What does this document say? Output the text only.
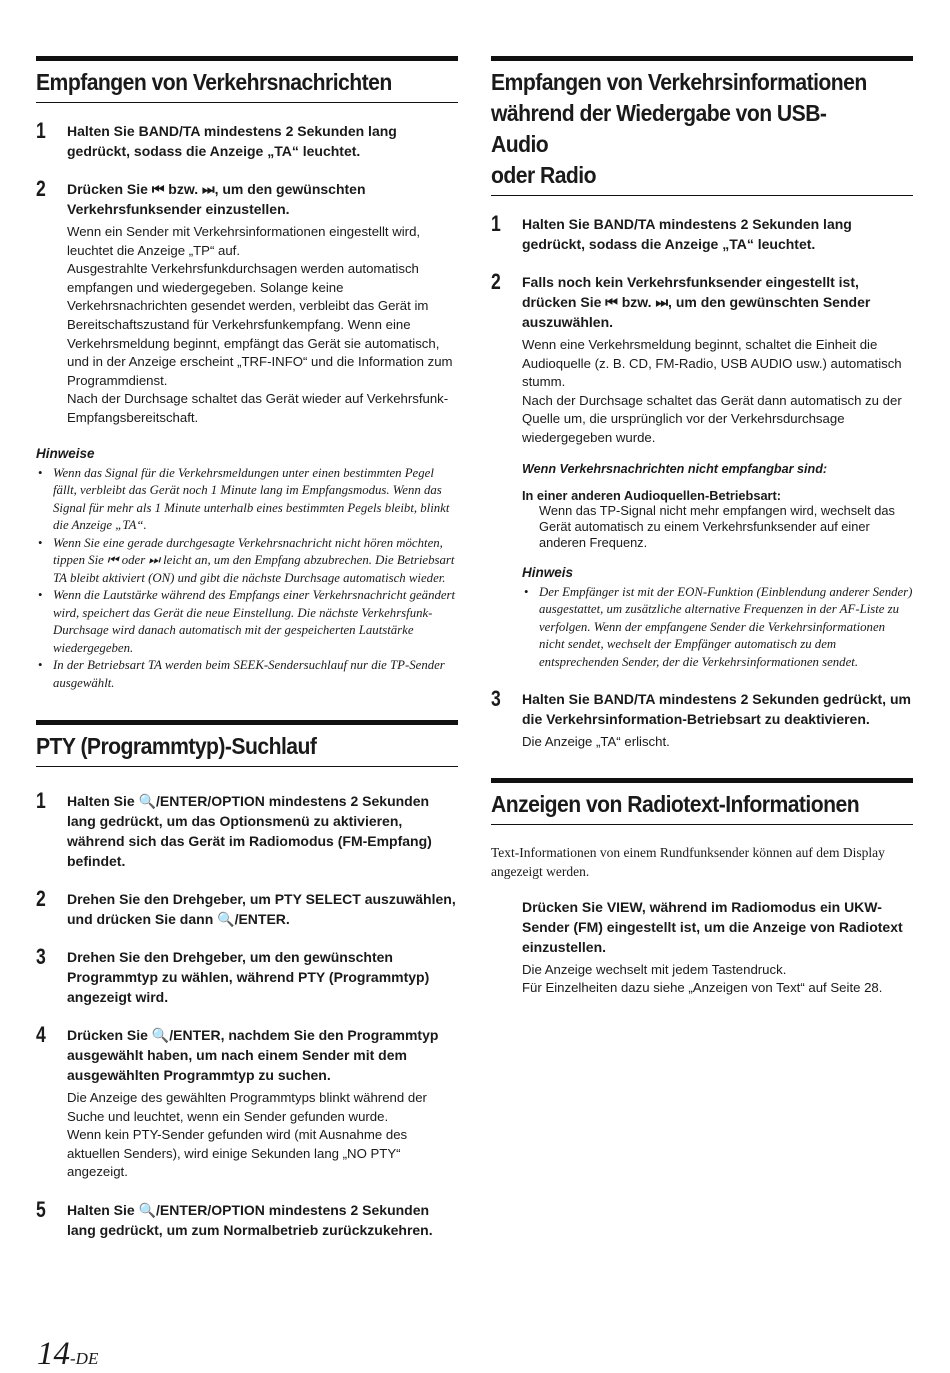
Empfangen von Verkehrsnachrichten
1	Halten Sie BAND/TA mindestens 2 Sekunden lang gedrückt, sodass die Anzeige „TA“ leuchtet.
2	Drücken Sie ⏮ bzw. ⏭, um den gewünschten Verkehrsfunksender einzustellen.
Wenn ein Sender mit Verkehrsinformationen eingestellt wird, leuchtet die Anzeige „TP“ auf.
Ausgestrahlte Verkehrsfunkdurchsagen werden automatisch empfangen und wiedergegeben. Solange keine Verkehrsnachrichten gesendet werden, verbleibt das Gerät im Bereitschaftszustand für Verkehrsfunkempfang. Wenn eine Verkehrsmeldung beginnt, empfängt das Gerät sie automatisch, und in der Anzeige erscheint „TRF-INFO“ und die Information zum Programmdienst.
Nach der Durchsage schaltet das Gerät wieder auf Verkehrsfunk-Empfangsbereitschaft.
Hinweise
• Wenn das Signal für die Verkehrsmeldungen unter einen bestimmten Pegel fällt, verbleibt das Gerät noch 1 Minute lang im Empfangsmodus. Wenn das Signal für mehr als 1 Minute unterhalb eines bestimmten Pegels bleibt, blinkt die Anzeige „TA“.
• Wenn Sie eine gerade durchgesagte Verkehrsnachricht nicht hören möchten, tippen Sie ⏮ oder ⏭ leicht an, um den Empfang abzubrechen. Die Betriebsart TA bleibt aktiviert (ON) und gibt die nächste Durchsage automatisch wieder.
• Wenn die Lautstärke während des Empfangs einer Verkehrsnachricht geändert wird, speichert das Gerät die neue Einstellung. Die nächste Verkehrsfunk-Durchsage wird danach automatisch mit der gespeicherten Lautstärke wiedergegeben.
• In der Betriebsart TA werden beim SEEK-Sendersuchlauf nur die TP-Sender ausgewählt.
PTY (Programmtyp)-Suchlauf
1	Halten Sie 🔍/ENTER/OPTION mindestens 2 Sekunden lang gedrückt, um das Optionsmenü zu aktivieren, während sich das Gerät im Radiomodus (FM-Empfang) befindet.
2	Drehen Sie den Drehgeber, um PTY SELECT auszuwählen, und drücken Sie dann 🔍/ENTER.
3	Drehen Sie den Drehgeber, um den gewünschten Programmtyp zu wählen, während PTY (Programmtyp) angezeigt wird.
4	Drücken Sie 🔍/ENTER, nachdem Sie den Programmtyp ausgewählt haben, um nach einem Sender mit dem ausgewählten Programmtyp zu suchen.
Die Anzeige des gewählten Programmtyps blinkt während der Suche und leuchtet, wenn ein Sender gefunden wurde.
Wenn kein PTY-Sender gefunden wird (mit Ausnahme des aktuellen Senders), wird einige Sekunden lang „NO PTY“ angezeigt.
5	Halten Sie 🔍/ENTER/OPTION mindestens 2 Sekunden lang gedrückt, um zum Normalbetrieb zurückzukehren.
Empfangen von Verkehrsinformationen
während der Wiedergabe von USB-Audio
oder Radio
1	Halten Sie BAND/TA mindestens 2 Sekunden lang gedrückt, sodass die Anzeige „TA“ leuchtet.
2	Falls noch kein Verkehrsfunksender eingestellt ist, drücken Sie ⏮ bzw. ⏭, um den gewünschten Sender auszuwählen.
Wenn eine Verkehrsmeldung beginnt, schaltet die Einheit die Audioquelle (z. B. CD, FM-Radio, USB AUDIO usw.) automatisch stumm.
Nach der Durchsage schaltet das Gerät dann automatisch zu der Quelle um, die ursprünglich vor der Verkehrsdurchsage wiedergegeben wurde.
Wenn Verkehrsnachrichten nicht empfangbar sind:
In einer anderen Audioquellen-Betriebsart:
Wenn das TP-Signal nicht mehr empfangen wird, wechselt das Gerät automatisch zu einem Verkehrsfunksender auf einer anderen Frequenz.
Hinweis
• Der Empfänger ist mit der EON-Funktion (Einblendung anderer Sender) ausgestattet, um zusätzliche alternative Frequenzen in der AF-Liste zu verfolgen. Wenn der empfangene Sender die Verkehrsinformationen nicht sendet, wechselt der Empfänger automatisch zu dem entsprechenden Sender, der die Verkehrsinformationen sendet.
3	Halten Sie BAND/TA mindestens 2 Sekunden gedrückt, um die Verkehrsinformation-Betriebsart zu deaktivieren.
Die Anzeige „TA“ erlischt.
Anzeigen von Radiotext-Informationen
Text-Informationen von einem Rundfunksender können auf dem Display angezeigt werden.
Drücken Sie VIEW, während im Radiomodus ein UKW-Sender (FM) eingestellt ist, um die Anzeige von Radiotext einzustellen.
Die Anzeige wechselt mit jedem Tastendruck.
Für Einzelheiten dazu siehe „Anzeigen von Text“ auf Seite 28.
14-DE
